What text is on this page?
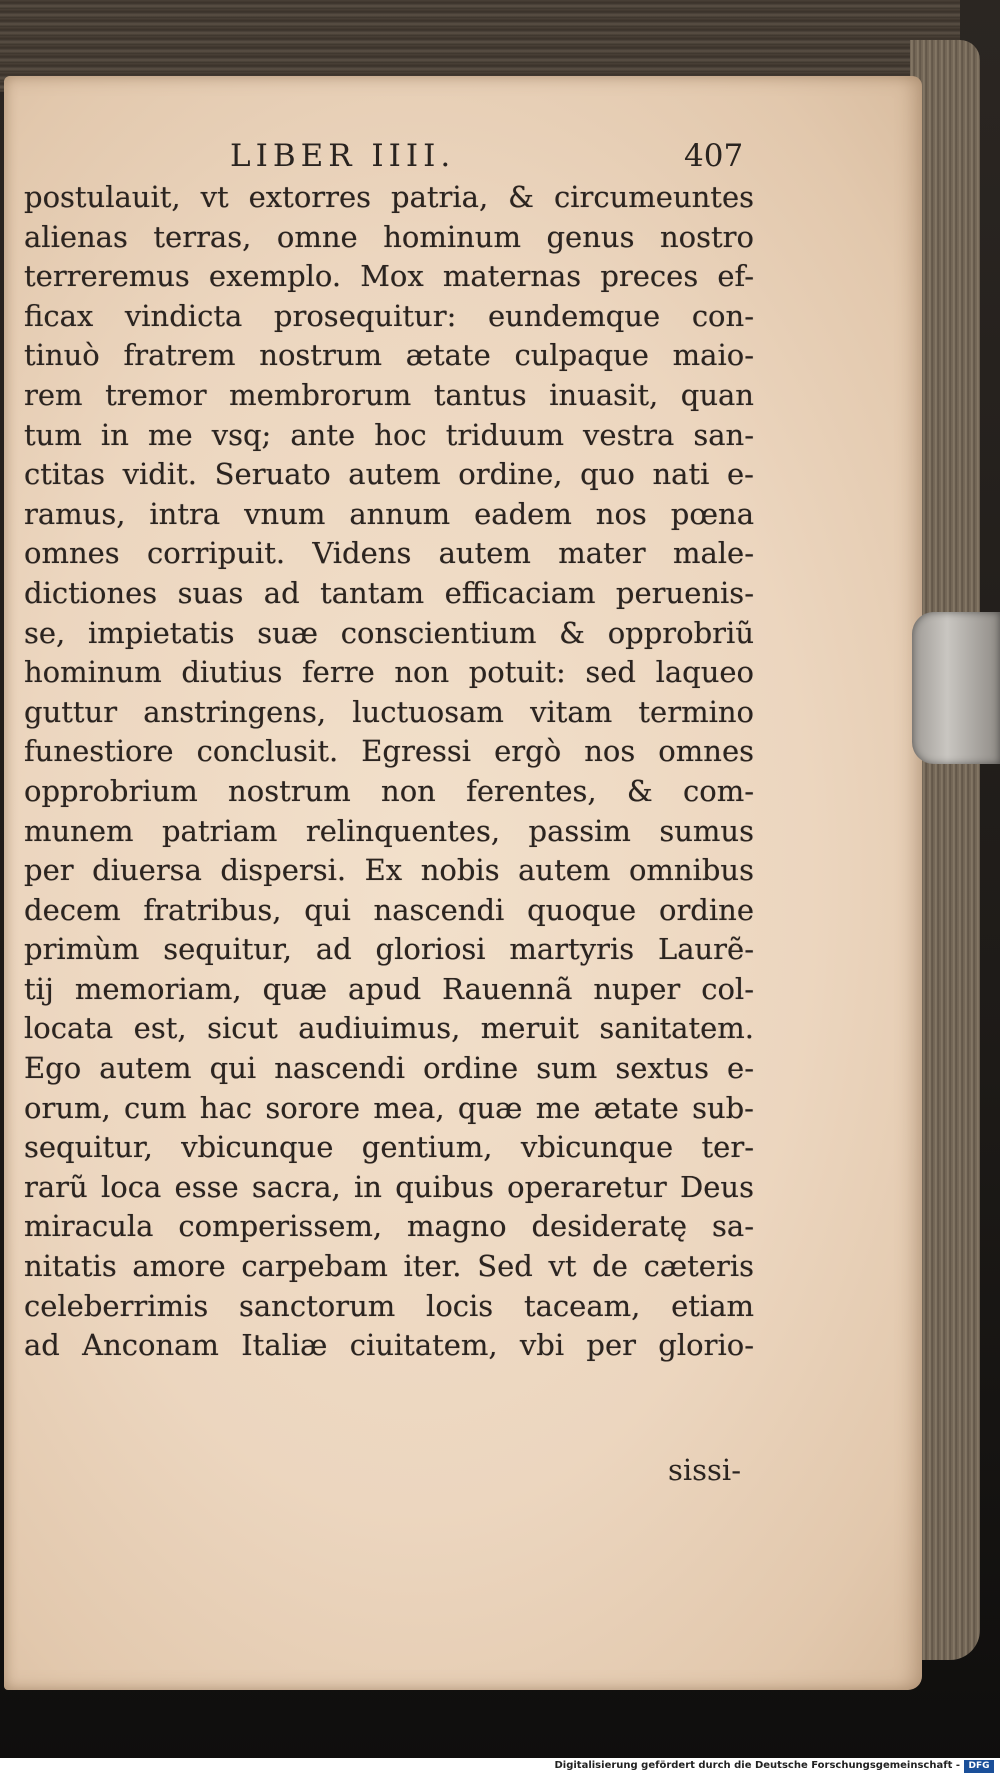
LIBER IIII.	407
postulauit, vt extorres patria, & circumeuntes
alienas terras, omne hominum genus nostro
terreremus exemplo. Mox maternas preces ef-
ficax vindicta prosequitur: eundemque con-
tinuò fratrem nostrum ætate culpaque maio-
rem tremor membrorum tantus inuasit, quan
tum in me vsq; ante hoc triduum vestra san-
ctitas vidit. Seruato autem ordine, quo nati e-
ramus, intra vnum annum eadem nos pœna
omnes corripuit. Videns autem mater male-
dictiones suas ad tantam efficaciam peruenis-
se, impietatis suæ conscientium & opprobriũ
hominum diutius ferre non potuit: sed laqueo
guttur anstringens, luctuosam vitam termino
funestiore conclusit. Egressi ergò nos omnes
opprobrium nostrum non ferentes, & com-
munem patriam relinquentes, passim sumus
per diuersa dispersi. Ex nobis autem omnibus
decem fratribus, qui nascendi quoque ordine
primùm sequitur, ad gloriosi martyris Laurẽ-
tij memoriam, quæ apud Rauennã nuper col-
locata est, sicut audiuimus, meruit sanitatem.
Ego autem qui nascendi ordine sum sextus e-
orum, cum hac sorore mea, quæ me ætate sub-
sequitur, vbicunque gentium, vbicunque ter-
rarũ loca esse sacra, in quibus operaretur Deus
miracula comperissem, magno desideratę sa-
nitatis amore carpebam iter. Sed vt de cæteris
celeberrimis sanctorum locis taceam, etiam
ad Anconam Italiæ ciuitatem, vbi per glorio-
sissi-
Digitalisierung gefördert durch die Deutsche Forschungsgemeinschaft - DFG
